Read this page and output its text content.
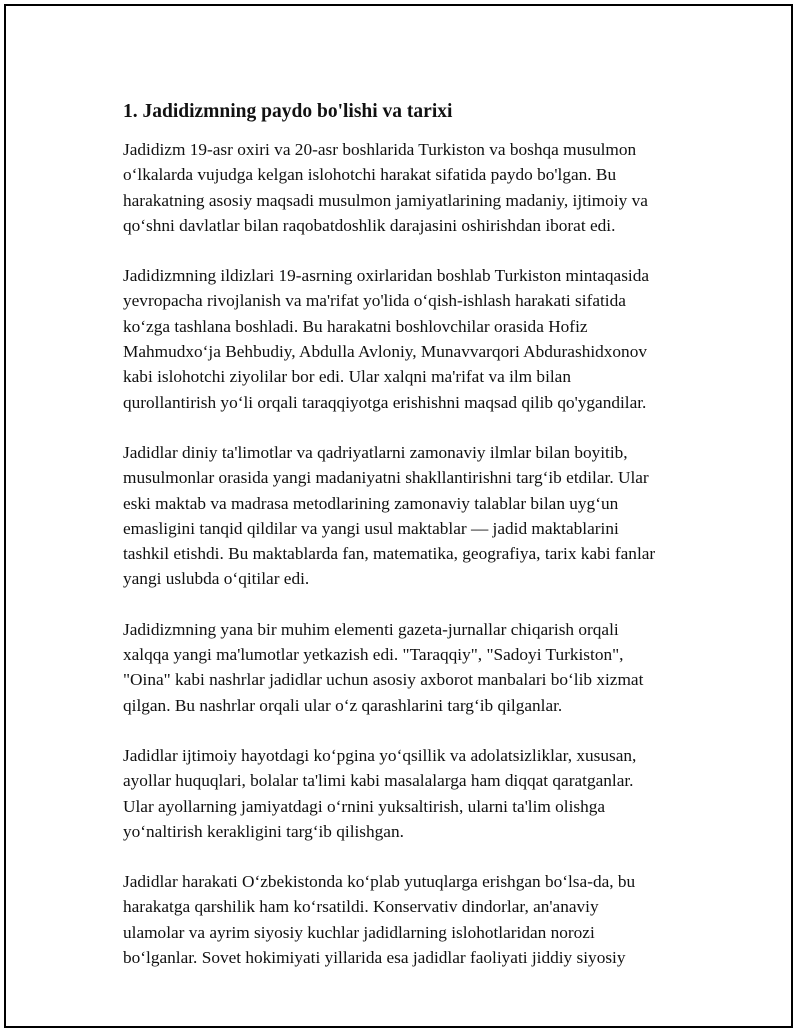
1. Jadidizmning paydo bo'lishi va tarixi

Jadidizm 19-asr oxiri va 20-asr boshlarida Turkiston va boshqa musulmon
o‘lkalarda vujudga kelgan islohotchi harakat sifatida paydo bo'lgan. Bu
harakatning asosiy maqsadi musulmon jamiyatlarining madaniy, ijtimoiy va
qo‘shni davlatlar bilan raqobatdoshlik darajasini oshirishdan iborat edi.

Jadidizmning ildizlari 19-asrning oxirlaridan boshlab Turkiston mintaqasida
yevropacha rivojlanish va ma'rifat yo'lida o‘qish-ishlash harakati sifatida
ko‘zga tashlana boshladi. Bu harakatni boshlovchilar orasida Hofiz
Mahmudxo‘ja Behbudiy, Abdulla Avloniy, Munavvarqori Abdurashidxonov
kabi islohotchi ziyolilar bor edi. Ular xalqni ma'rifat va ilm bilan
qurollantirish yo‘li orqali taraqqiyotga erishishni maqsad qilib qo'ygandilar.

Jadidlar diniy ta'limotlar va qadriyatlarni zamonaviy ilmlar bilan boyitib,
musulmonlar orasida yangi madaniyatni shakllantirishni targ‘ib etdilar. Ular
eski maktab va madrasa metodlarining zamonaviy talablar bilan uyg‘un
emasligini tanqid qildilar va yangi usul maktablar — jadid maktablarini
tashkil etishdi. Bu maktablarda fan, matematika, geografiya, tarix kabi fanlar
yangi uslubda o‘qitilar edi.

Jadidizmning yana bir muhim elementi gazeta-jurnallar chiqarish orqali
xalqqa yangi ma'lumotlar yetkazish edi. "Taraqqiy", "Sadoyi Turkiston",
"Oina" kabi nashrlar jadidlar uchun asosiy axborot manbalari bo‘lib xizmat
qilgan. Bu nashrlar orqali ular o‘z qarashlarini targ‘ib qilganlar.

Jadidlar ijtimoiy hayotdagi ko‘pgina yo‘qsillik va adolatsizliklar, xususan,
ayollar huquqlari, bolalar ta'limi kabi masalalarga ham diqqat qaratganlar.
Ular ayollarning jamiyatdagi o‘rnini yuksaltirish, ularni ta'lim olishga
yo‘naltirish kerakligini targ‘ib qilishgan.

Jadidlar harakati O‘zbekistonda ko‘plab yutuqlarga erishgan bo‘lsa-da, bu
harakatga qarshilik ham ko‘rsatildi. Konservativ dindorlar, an'anaviy
ulamolar va ayrim siyosiy kuchlar jadidlarning islohotlaridan norozi
bo‘lganlar. Sovet hokimiyati yillarida esa jadidlar faoliyati jiddiy siyosiy
